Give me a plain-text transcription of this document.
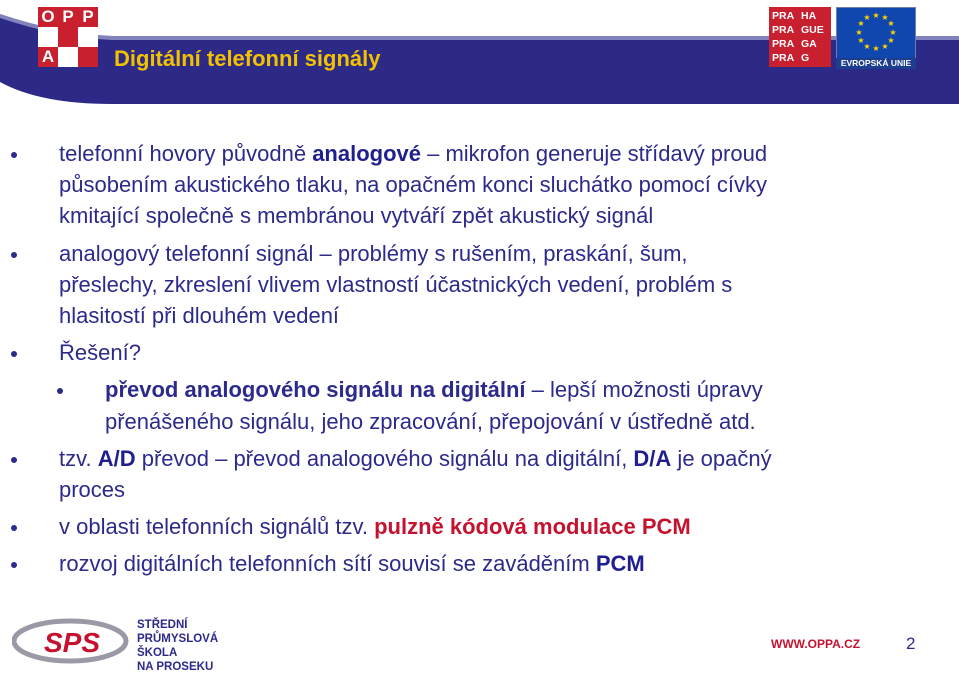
O P P
A	Digitální telefonní signály
PRA HA
PRA GUE
PRA GA
PRA G
★ ★
★
★
★
★
★
★
★
★
★
★
EVROPSKÁ UNIE
telefonní hovory původně analogové – mikrofon generuje střídavý proud
působením akustického tlaku, na opačném konci sluchátko pomocí cívky
kmitající společně s membránou vytváří zpět akustický signál
analogový telefonní signál – problémy s rušením, praskání, šum,
přeslechy, zkreslení vlivem vlastností účastnických vedení, problém s
hlasitostí při dlouhém vedení
Řešení?
převod analogového signálu na digitální – lepší možnosti úpravy
přenášeného signálu, jeho zpracování, přepojování v ústředně atd.
tzv. A/D převod – převod analogového signálu na digitální, D/A je opačný
proces
v oblasti telefonních signálů tzv. pulzně kódová modulace PCM
rozvoj digitálních telefonních sítí souvisí se zaváděním PCM
SPS
STŘEDNÍ
PRŮMYSLOVÁ
ŠKOLA
NA PROSEKU
WWW.OPPA.CZ	2
